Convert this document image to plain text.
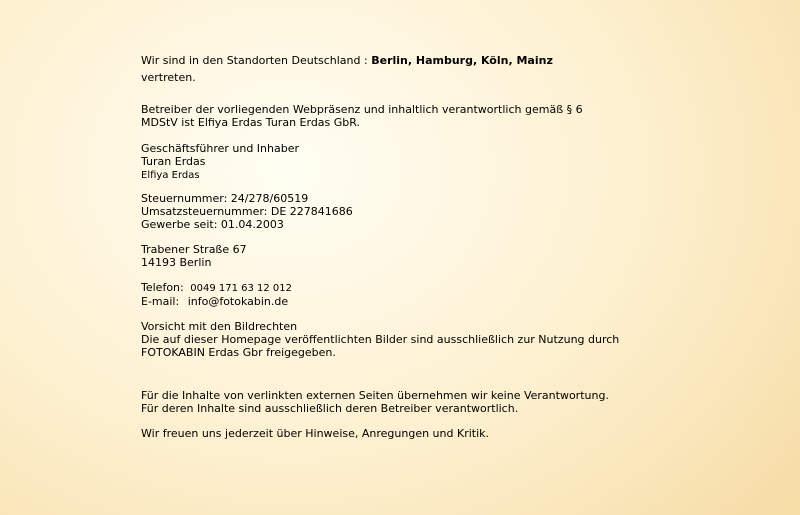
Wir sind in den Standorten Deutschland : Berlin, Hamburg, Köln, Mainz
vertreten.
Betreiber der vorliegenden Webpräsenz und inhaltlich verantwortlich gemäß § 6
MDStV ist Elfiya Erdas Turan Erdas GbR.
Geschäftsführer und Inhaber
Turan Erdas
Elfiya Erdas
Steuernummer: 24/278/60519
Umsatzsteuernummer: DE 227841686
Gewerbe seit: 01.04.2003
Trabener Straße 67
14193 Berlin
Telefon: 0049 171 63 12 012
E-mail: info@fotokabin.de
Vorsicht mit den Bildrechten
Die auf dieser Homepage veröffentlichten Bilder sind ausschließlich zur Nutzung durch
FOTOKABIN Erdas Gbr freigegeben.
Für die Inhalte von verlinkten externen Seiten übernehmen wir keine Verantwortung.
Für deren Inhalte sind ausschließlich deren Betreiber verantwortlich.
Wir freuen uns jederzeit über Hinweise, Anregungen und Kritik.
